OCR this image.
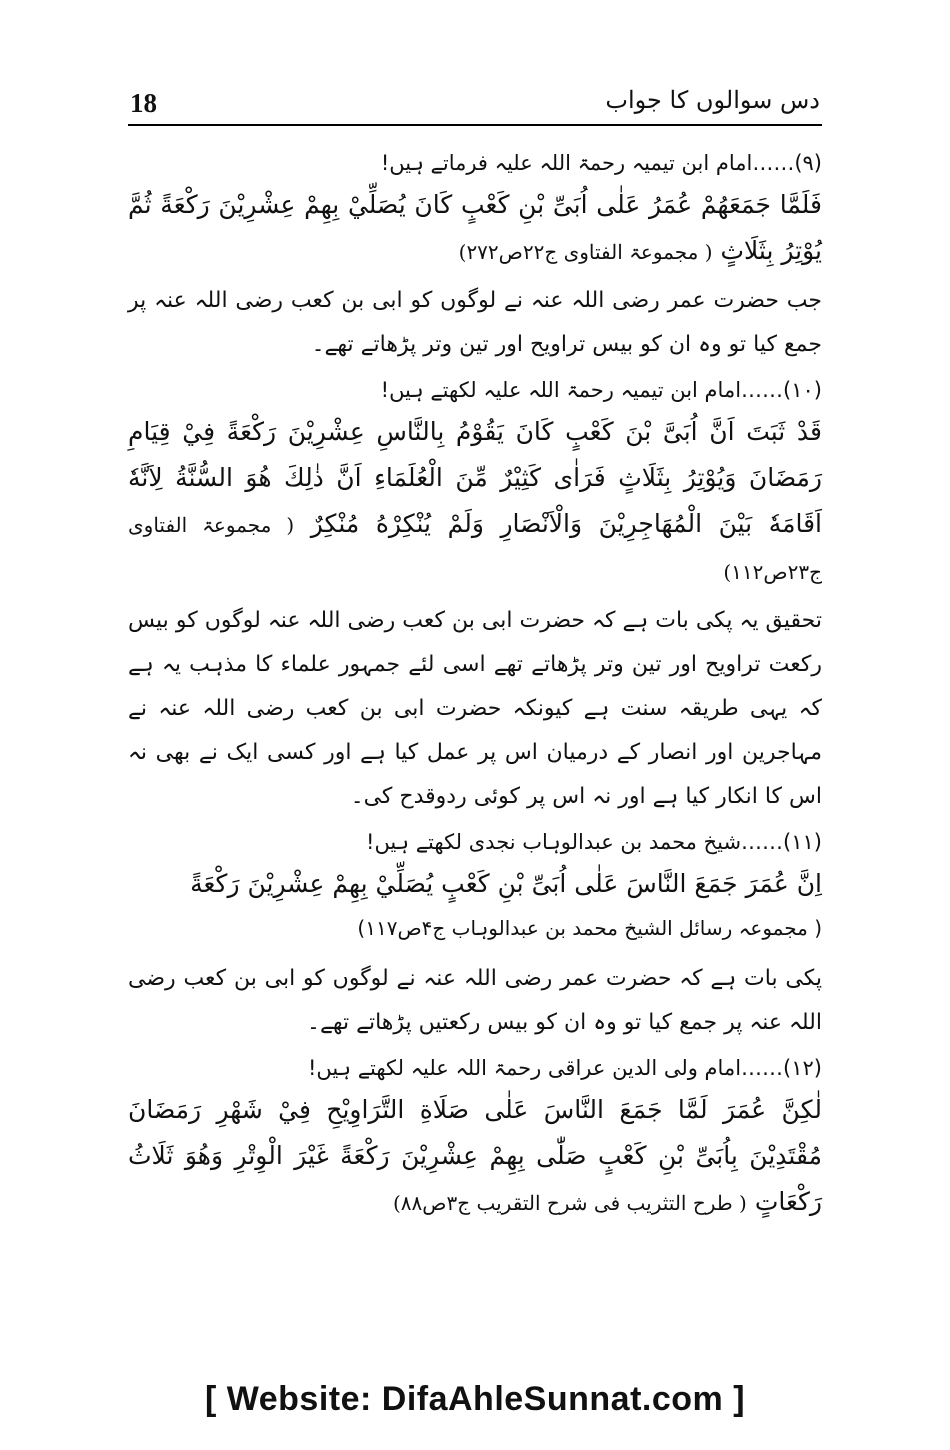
18	دس سوالوں کا جواب
(۹)……امام ابن تیمیہ رحمۃ اللہ علیہ فرماتے ہیں!

فَلَمَّا جَمَعَهُمْ عُمَرُ عَلٰی اُبَیِّ بْنِ كَعْبٍ كَانَ يُصَلِّيْ بِهِمْ عِشْرِيْنَ رَكْعَةً ثُمَّ يُوْتِرُ بِثَلَاثٍ ( مجموعۃ الفتاوی ج۲۲ص۲۷۲)

جب حضرت عمر رضی اللہ عنہ نے لوگوں کو ابی بن کعب رضی اللہ عنہ پر جمع کیا تو وہ ان کو بیس تراویح اور تین وتر پڑھاتے تھے۔

(۱۰)……امام ابن تیمیہ رحمۃ اللہ علیہ لکھتے ہیں!

قَدْ ثَبَتَ اَنَّ اُبَیَّ بْنَ كَعْبٍ كَانَ يَقُوْمُ بِالنَّاسِ عِشْرِيْنَ رَكْعَةً فِيْ قِيَامِ رَمَضَانَ وَيُوْتِرُ بِثَلَاثٍ فَرَاٰی كَثِيْرٌ مِّنَ الْعُلَمَاءِ اَنَّ ذٰلِكَ هُوَ السُّنَّةُ لِاَنَّهٗ اَقَامَهٗ بَيْنَ الْمُهَاجِرِيْنَ وَالْاَنْصَارِ وَلَمْ يُنْكِرْهُ مُنْكِرٌ ( مجموعۃ الفتاوی ج۲۳ص۱۱۲)

تحقیق یہ پکی بات ہے کہ حضرت ابی بن کعب رضی اللہ عنہ لوگوں کو بیس رکعت تراویح اور تین وتر پڑھاتے تھے اسی لئے جمہور علماء کا مذہب یہ ہے کہ یہی طریقہ سنت ہے کیونکہ حضرت ابی بن کعب رضی اللہ عنہ نے مہاجرین اور انصار کے درمیان اس پر عمل کیا ہے اور کسی ایک نے بھی نہ اس کا انکار کیا ہے اور نہ اس پر کوئی ردوقدح کی۔

(۱۱)……شیخ محمد بن عبدالوہاب نجدی لکھتے ہیں!

اِنَّ عُمَرَ جَمَعَ النَّاسَ عَلٰی اُبَیِّ بْنِ كَعْبٍ يُصَلِّيْ بِهِمْ عِشْرِيْنَ رَكْعَةً

( مجموعہ رسائل الشیخ محمد بن عبدالوہاب ج۴ص۱۱۷)

پکی بات ہے کہ حضرت عمر رضی اللہ عنہ نے لوگوں کو ابی بن کعب رضی اللہ عنہ پر جمع کیا تو وہ ان کو بیس رکعتیں پڑھاتے تھے۔

(۱۲)……امام ولی الدین عراقی رحمۃ اللہ علیہ لکھتے ہیں!

لٰكِنَّ عُمَرَ لَمَّا جَمَعَ النَّاسَ عَلٰی صَلَاةِ التَّرَاوِيْحِ فِيْ شَهْرِ رَمَضَانَ مُقْتَدِيْنَ بِاُبَیِّ بْنِ كَعْبٍ صَلّٰی بِهِمْ عِشْرِيْنَ رَكْعَةً غَيْرَ الْوِتْرِ وَهُوَ ثَلَاثُ رَكْعَاتٍ ( طرح التثریب فی شرح التقریب ج۳ص۸۸)

[ Website: DifaAhleSunnat.com ]
